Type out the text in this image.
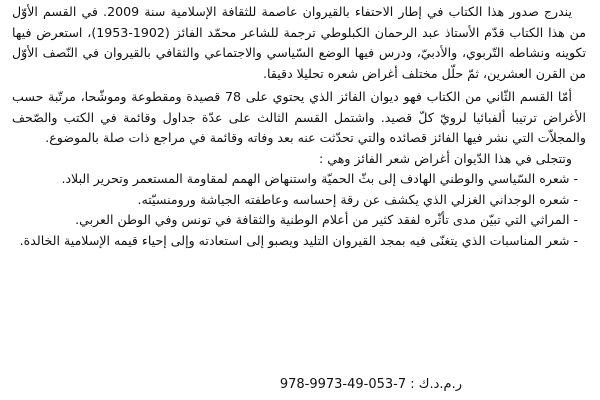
يندرج صدور هذا الكتاب في إطار الاحتفاء بالقيروان عاصمة للثقافة الإسلامية سنة 2009. في القسم الأوّل من هذا الكتاب قدّم الأستاذ عبد الرحمان الكبلوطي ترجمة للشاعر محمّد الفائز (1902-1953)، استعرض فيها تكوينه ونشاطه التّربوي، والأدبيّ، ودرس فيها الوضع السّياسي والاجتماعي والثقافي بالقيروان في النّصف الأوّل من القرن العشرين، ثمّ حلّل مختلف أغراض شعره تحليلا دقيقا.

أمّا القسم الثّاني من الكتاب فهو ديوان الفائز الذي يحتوي على 78 قصيدة ومقطوعة وموشّحا، مرتّبة حسب الأغراض ترتيبا ألفبائيا لرويّ كلّ قصيد. واشتمل القسم الثالث على عدّة جداول وقائمة في الكتب والصّحف والمجلاّت التي نشر فيها الفائز قصائده والتي تحدّثت عنه بعد وفاته وقائمة في مراجع ذات صلة بالموضوع.

وتتجلى في هذا الدّيوان أغراض شعر الفائز وهي :

- شعره السّياسي والوطني الهادف إلى بثّ الحميّة واستنهاض الهمم لمقاومة المستعمر وتحرير البلاد.

- شعره الوجداني الغزلي الذي يكشف عن رقة إحساسه وعاطفته الجياشة ورومنسيّته.

- المراثي التي تبيّن مدى تأثّره لفقد كثير من أعلام الوطنية والثقافة في تونس وفي الوطن العربي.

- شعر المناسبات الذي يتغنّى فيه بمجد القيروان التليد ويصبو إلى استعادته وإلى إحياء قيمه الإسلامية الخالدة.

ر.م.د.ك : 978-9973-49-053-7
